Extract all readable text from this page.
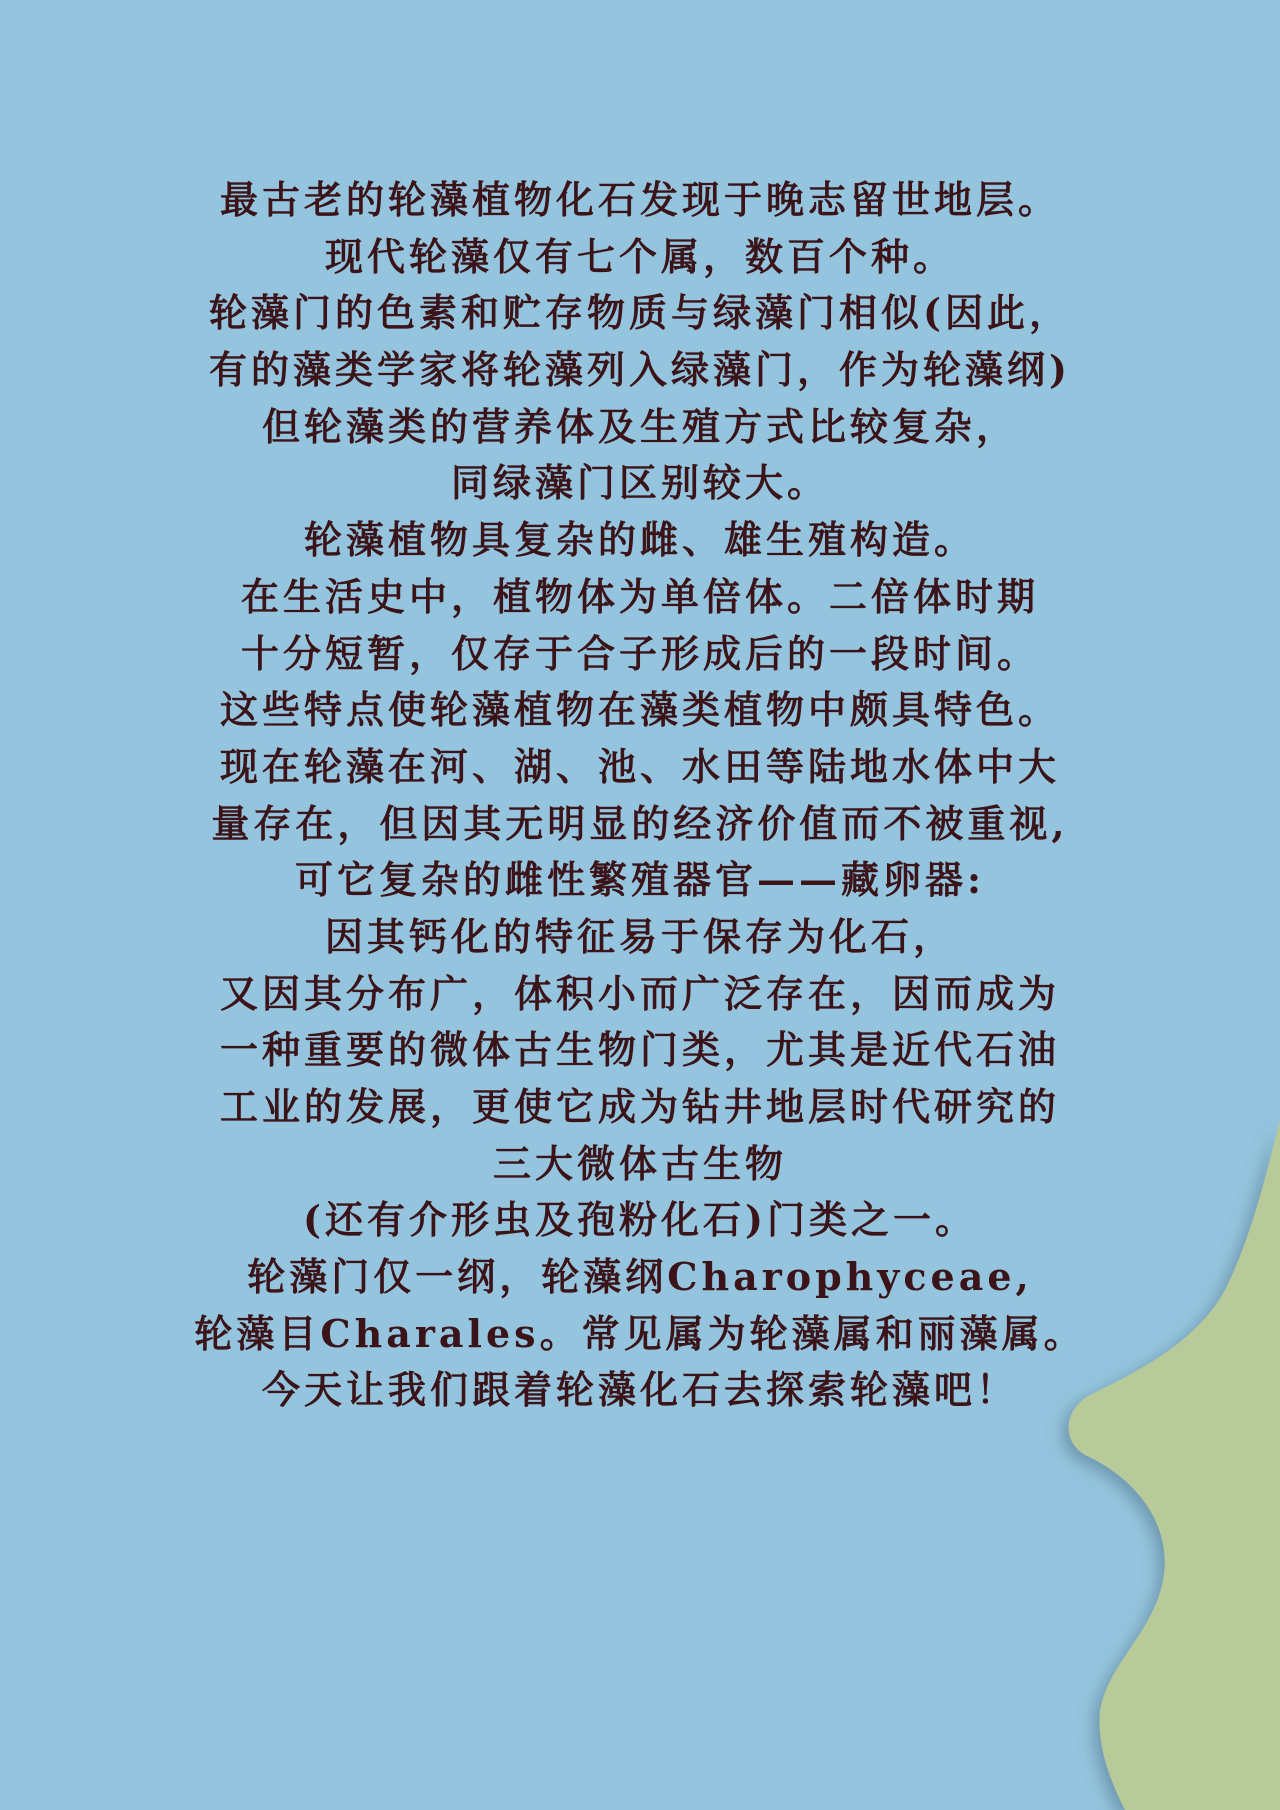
最古老的轮藻植物化石发现于晚志留世地层。
现代轮藻仅有七个属，数百个种。
轮藻门的色素和贮存物质与绿藻门相似(因此，
有的藻类学家将轮藻列入绿藻门，作为轮藻纲)
但轮藻类的营养体及生殖方式比较复杂，
同绿藻门区别较大。
轮藻植物具复杂的雌、雄生殖构造。
在生活史中，植物体为单倍体。二倍体时期
十分短暂，仅存于合子形成后的一段时间。
这些特点使轮藻植物在藻类植物中颇具特色。
现在轮藻在河、湖、池、水田等陆地水体中大
量存在，但因其无明显的经济价值而不被重视,
可它复杂的雌性繁殖器官——藏卵器:
因其钙化的特征易于保存为化石，
又因其分布广，体积小而广泛存在，因而成为
一种重要的微体古生物门类，尤其是近代石油
工业的发展，更使它成为钻井地层时代研究的
三大微体古生物
(还有介形虫及孢粉化石)门类之一。
轮藻门仅一纲，轮藻纲Charophyceae,
轮藻目Charales。常见属为轮藻属和丽藻属。
今天让我们跟着轮藻化石去探索轮藻吧！
